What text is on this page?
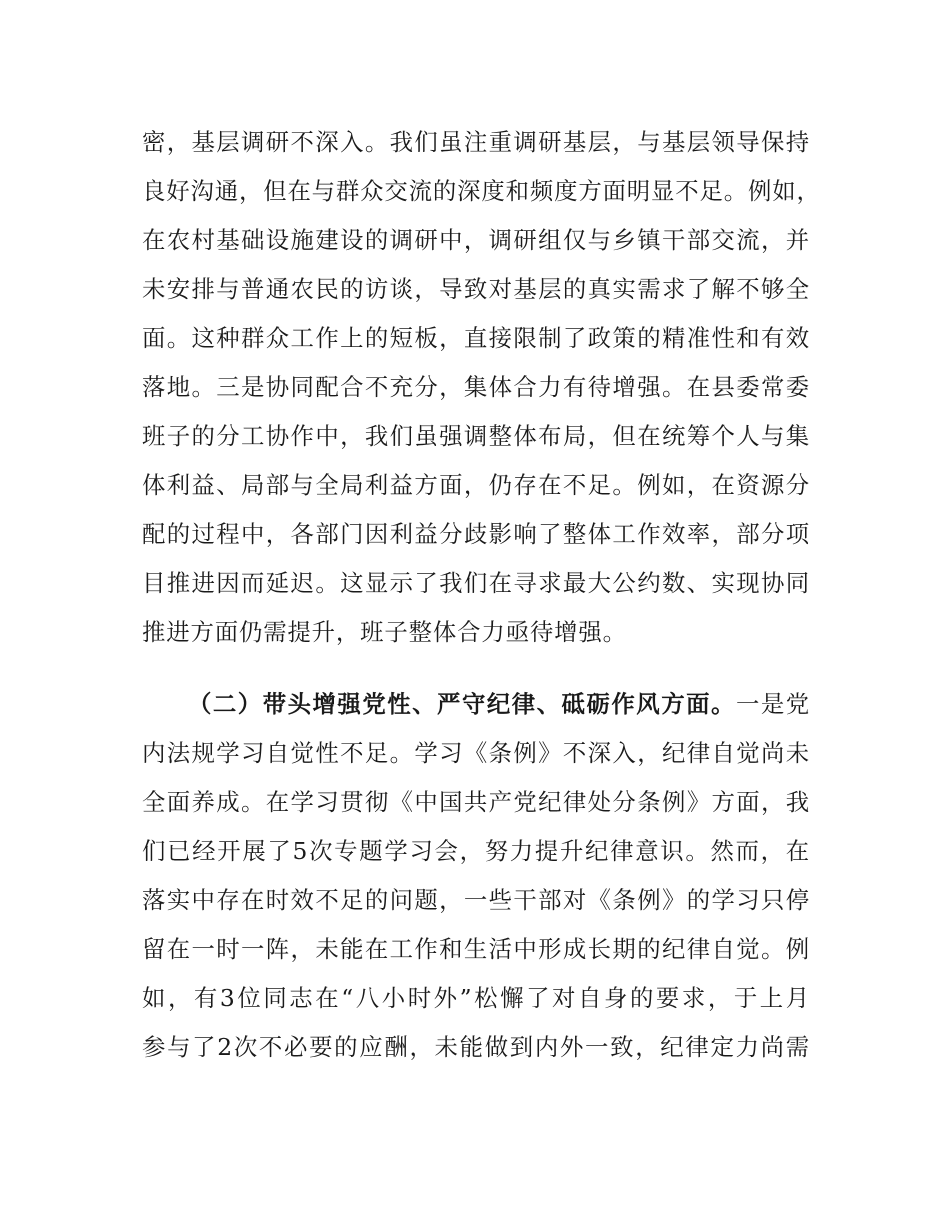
密，基层调研不深入。我们虽注重调研基层，与基层领导保持
良好沟通，但在与群众交流的深度和频度方面明显不足。例如，
在农村基础设施建设的调研中，调研组仅与乡镇干部交流，并
未安排与普通农民的访谈，导致对基层的真实需求了解不够全
面。这种群众工作上的短板，直接限制了政策的精准性和有效
落地。三是协同配合不充分，集体合力有待增强。在县委常委
班子的分工协作中，我们虽强调整体布局，但在统筹个人与集
体利益、局部与全局利益方面，仍存在不足。例如，在资源分
配的过程中，各部门因利益分歧影响了整体工作效率，部分项
目推进因而延迟。这显示了我们在寻求最大公约数、实现协同
推进方面仍需提升，班子整体合力亟待增强。
（二）带头增强党性、严守纪律、砥砺作风方面。一是党
内法规学习自觉性不足。学习《条例》不深入，纪律自觉尚未
全面养成。在学习贯彻《中国共产党纪律处分条例》方面，我
们已经开展了5次专题学习会，努力提升纪律意识。然而，在
落实中存在时效不足的问题，一些干部对《条例》的学习只停
留在一时一阵，未能在工作和生活中形成长期的纪律自觉。例
如，有3位同志在“八小时外”松懈了对自身的要求，于上月
参与了2次不必要的应酬，未能做到内外一致，纪律定力尚需
